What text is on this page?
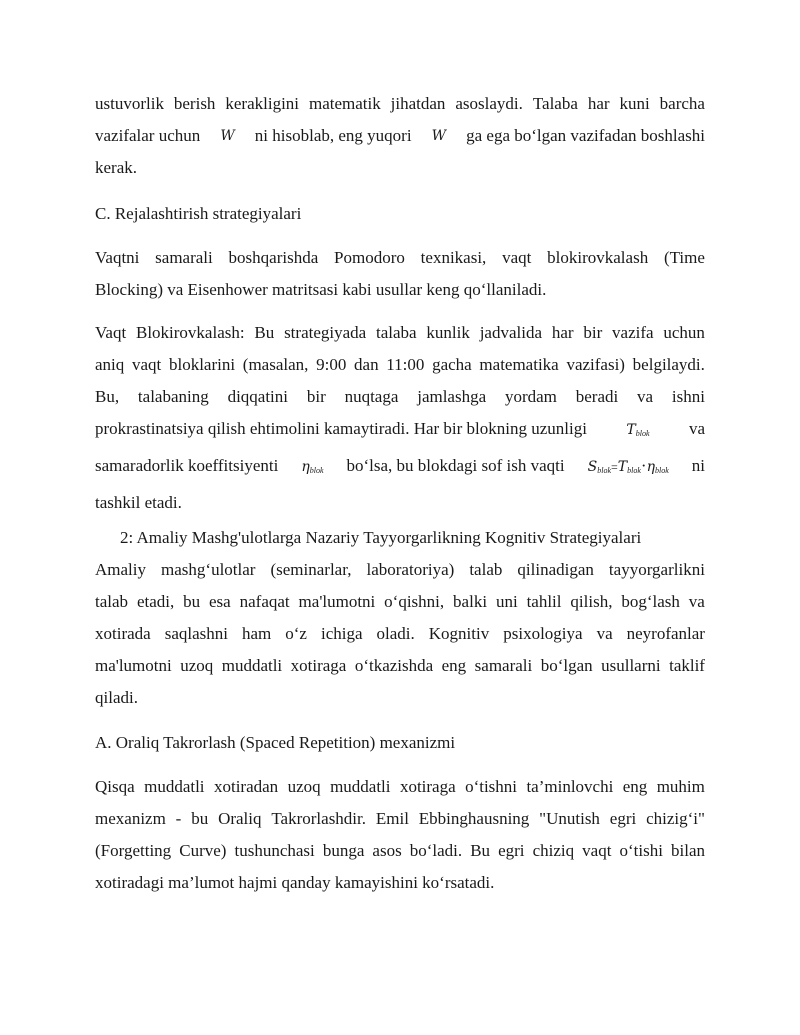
ustuvorlik berish kerakligini matematik jihatdan asoslaydi. Talaba har kuni barcha
vazifalar uchun W ni hisoblab, eng yuqori W ga ega bo‘lgan vazifadan boshlashi
kerak.
C. Rejalashtirish strategiyalari
Vaqtni samarali boshqarishda Pomodoro texnikasi, vaqt blokirovkalash (Time
Blocking) va Eisenhower matritsasi kabi usullar keng qo‘llaniladi.
Vaqt Blokirovkalash: Bu strategiyada talaba kunlik jadvalida har bir vazifa uchun
aniq vaqt bloklarini (masalan, 9:00 dan 11:00 gacha matematika vazifasi) belgilaydi.
Bu, talabaning diqqatini bir nuqtaga jamlashga yordam beradi va ishni
prokrastinatsiya qilish ehtimolini kamaytiradi. Har bir blokning uzunligi	$T_{blok}$ va
samaradorlik koeffitsiyenti $\eta_{blok}$ bo‘lsa, bu blokdagi sof ish vaqti $S_{blok}=T_{blok}\cdot\eta_{blok}$ ni
tashkil etadi.
2: Amaliy Mashg'ulotlarga Nazariy Tayyorgarlikning Kognitiv Strategiyalari
Amaliy mashg‘ulotlar (seminarlar, laboratoriya) talab qilinadigan tayyorgarlikni
talab etadi, bu esa nafaqat ma'lumotni o‘qishni, balki uni tahlil qilish, bog‘lash va
xotirada saqlashni ham o‘z ichiga oladi. Kognitiv psixologiya va neyrofanlar
ma'lumotni uzoq muddatli xotiraga o‘tkazishda eng samarali bo‘lgan usullarni taklif
qiladi.
A. Oraliq Takrorlash (Spaced Repetition) mexanizmi
Qisqa muddatli xotiradan uzoq muddatli xotiraga o‘tishni ta’minlovchi eng muhim
mexanizm - bu Oraliq Takrorlashdir. Emil Ebbinghausning "Unutish egri chizig‘i"
(Forgetting Curve) tushunchasi bunga asos bo‘ladi. Bu egri chiziq vaqt o‘tishi bilan
xotiradagi ma’lumot hajmi qanday kamayishini ko‘rsatadi.
